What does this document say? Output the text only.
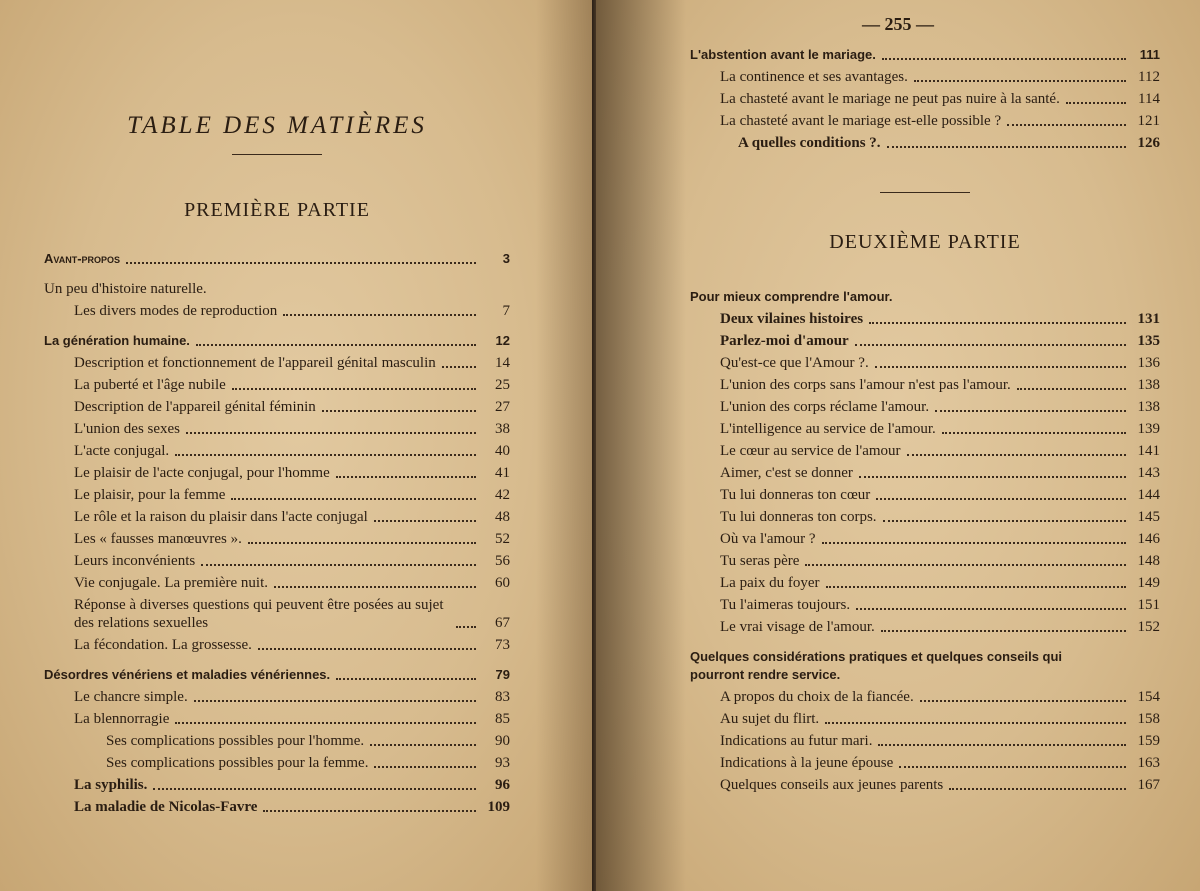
TABLE DES MATIÈRES
PREMIÈRE PARTIE
Avant-propos	3
Un peu d'histoire naturelle.
Les divers modes de reproduction	7
La génération humaine.	12
Description et fonctionnement de l'appareil génital masculin	14
La puberté et l'âge nubile	25
Description de l'appareil génital féminin	27
L'union des sexes	38
L'acte conjugal.	40
Le plaisir de l'acte conjugal, pour l'homme	41
Le plaisir, pour la femme	42
Le rôle et la raison du plaisir dans l'acte conjugal	48
Les « fausses manœuvres ».	52
Leurs inconvénients	56
Vie conjugale. La première nuit.	60
Réponse à diverses questions qui peuvent être posées au sujet des relations sexuelles	67
La fécondation. La grossesse.	73
Désordres vénériens et maladies vénériennes.	79
Le chancre simple.	83
La blennorragie	85
Ses complications possibles pour l'homme.	90
Ses complications possibles pour la femme.	93
La syphilis.	96
La maladie de Nicolas-Favre	109
— 255 —
L'abstention avant le mariage.	111
La continence et ses avantages.	112
La chasteté avant le mariage ne peut pas nuire à la santé.	114
La chasteté avant le mariage est-elle possible ?	121
A quelles conditions ?.	126
DEUXIÈME PARTIE
Pour mieux comprendre l'amour.
Deux vilaines histoires	131
Parlez-moi d'amour	135
Qu'est-ce que l'Amour ?.	136
L'union des corps sans l'amour n'est pas l'amour.	138
L'union des corps réclame l'amour.	138
L'intelligence au service de l'amour.	139
Le cœur au service de l'amour	141
Aimer, c'est se donner	143
Tu lui donneras ton cœur	144
Tu lui donneras ton corps.	145
Où va l'amour ?	146
Tu seras père	148
La paix du foyer	149
Tu l'aimeras toujours.	151
Le vrai visage de l'amour.	152
Quelques considérations pratiques et quelques conseils qui pourront rendre service.
A propos du choix de la fiancée.	154
Au sujet du flirt.	158
Indications au futur mari.	159
Indications à la jeune épouse	163
Quelques conseils aux jeunes parents	167
